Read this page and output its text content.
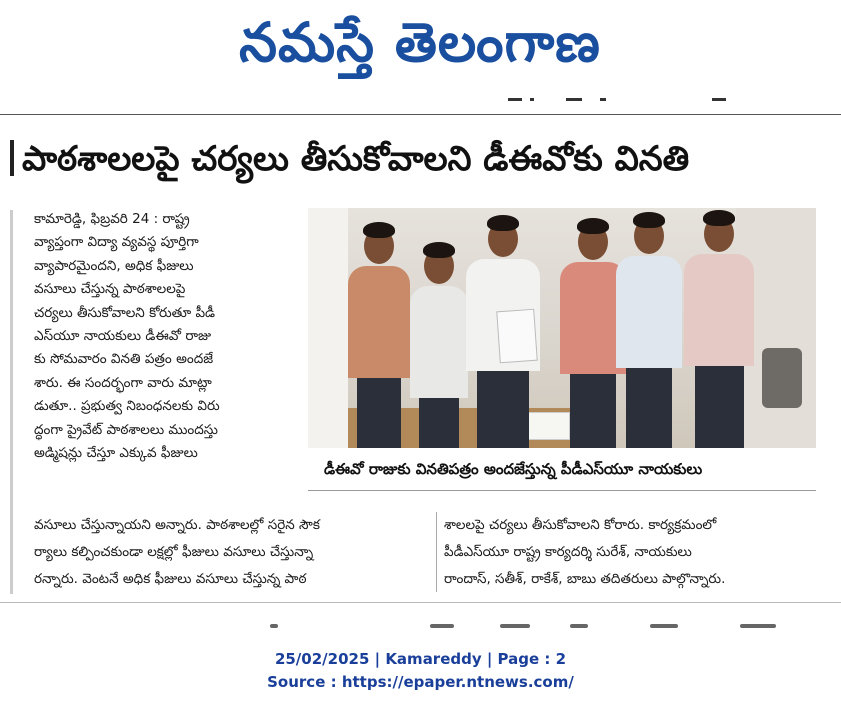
నమస్తే తెలంగాణ
పాఠశాలలపై చర్యలు తీసుకోవాలని డీఈవోకు వినతి
కామారెడ్డి, ఫిబ్రవరి 24 : రాష్ట్ర
వ్యాప్తంగా విద్యా వ్యవస్థ పూర్తిగా
వ్యాపారమైందని, అధిక ఫీజులు
వసూలు చేస్తున్న పాఠశాలలపై
చర్యలు తీసుకోవాలని కోరుతూ పీడీ
ఎస్‌యూ నాయకులు డీఈవో రాజు
కు సోమవారం వినతి పత్రం అందజే
శారు. ఈ సందర్భంగా వారు మాట్లా
డుతూ.. ప్రభుత్వ నిబంధనలకు విరు
ద్ధంగా ప్రైవేట్ పాఠశాలలు ముందస్తు
అడ్మిషన్లు చేస్తూ ఎక్కువ ఫీజులు
డీఈవో రాజుకు వినతిపత్రం అందజేస్తున్న పీడీఎస్‌యూ నాయకులు
వసూలు చేస్తున్నాయని అన్నారు. పాఠశాలల్లో సరైన సౌక
ర్యాలు కల్పించకుండా లక్షల్లో ఫీజులు వసూలు చేస్తున్నా
రన్నారు. వెంటనే అధిక ఫీజులు వసూలు చేస్తున్న పాఠ
శాలలపై చర్యలు తీసుకోవాలని కోరారు. కార్యక్రమంలో
పీడీఎస్‌యూ రాష్ట్ర కార్యదర్శి సురేశ్, నాయకులు
రాందాస్, సతీశ్, రాకేశ్, బాబు తదితరులు పాల్గొన్నారు.
25/02/2025 | Kamareddy | Page : 2
Source : https://epaper.ntnews.com/
